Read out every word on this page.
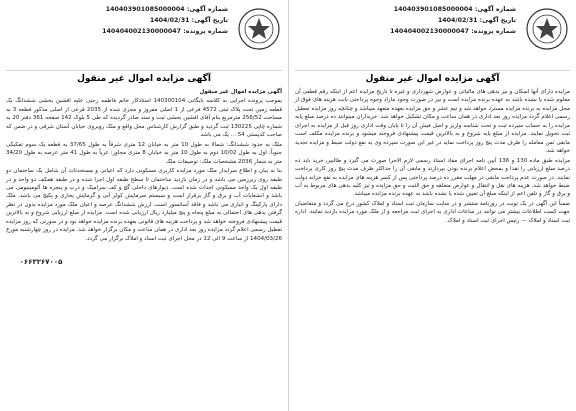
شماره آگهی: 140403901085000004
تاریخ آگهی: 1404/02/31
شماره پرونده: 140404002130000047
آگهی مزایده اموال غیر منقول

آگهی مزایده اموال غیر منقول

بموجب پرونده اجرایی به کلاسه بایگانی 140300104 استادکار خانم فاطمه رجبی علیه افشین بخشی ششدانگ یک قطعه زمین تحت پلاک ثبتی 4572 فرعی از 1 اصلی مفروز و مجزی شده از 2035 فرعی از اصلی مذکور قطعه 3 به مساحت 256/52 مترمربع بنام آقای افشین بخشی ثبت و سند صادر گردیده که طی 5 بلوک 142 صفحه 361 دفتر 20 به شماره چاپی 130225 ثبت گردید و طبق گزارش کارشناس محل واقع و ملک روبروی خیابان آستان شرقی و در ضمن که صاحب کدپستی 54 ... یک می باشد

ملک به حدود ششدانگ: شمالا به طول 10 متر به خیابان 12 متری شرقاً به طول 37/65 به قطعه یک سوم تفکیکی جنوباً: اول به طول 10/02 دوم به طول 10 متر به خیابان 8 متری مجاور: غرباً به طول 41 متر عرصه به طول 34/20 متر به شمار 2036 مشخصات ملک: توصیفات ملک

بنا به بیان و اطلاع سرایدار ملک مورد مزایده کاربری مسکونی دارد که اعیانی و مستحدثات آن شامل یک ساختمان دو طبقه روی زیرزمین می باشد و در زمان بازدید ساختمان تا سطح طبقه اول اجرا شده و در طبقه همکف دو واحد و در طبقه اول یک واحد مسکونی احداث شده است. دیوارهای داخلی گچ و کف سرامیک و درب و پنجره ها آلومینیومی می باشد و انشعابات آب و برق و گاز برقرار است و سیستم سرمایش کولر آبی و گرمایش بخاری و پکیج می باشد. ملک دارای پارکینگ و انباری می باشد و فاقد آسانسور است. ارزش ششدانگ عرصه و اعیان ملک مورد مزایده بدون در نظر گرفتن بدهی های احتمالی به مبلغ پنجاه و پنج میلیارد ریال ارزیابی شده است. مزایده از مبلغ ارزیابی شروع و به بالاترین قیمت پیشنهادی فروخته خواهد شد و پرداخت هزینه های قانونی بعهده برنده مزایده خواهد بود و در صورتی که روز مزایده تعطیل رسمی اعلام گردد مزایده روز بعد اداری در همان ساعت و مکان برگزار خواهد شد. مزایده در روز چهارشنبه مورخ 1404/03/26 از ساعت 9 الی 12 در محل اجرای ثبت اسناد و املاک برگزار می گردد.

۰۶۶۳۲۶۷۰۰۵
شماره آگهی: 140403901085000004
تاریخ آگهی: 1404/02/31
شماره پرونده: 140404002130000047
آگهی مزایده اموال غیر منقول

مزایده دارای آنها اسکان و نیز بدهی های مالیاتی و عوارض شهرداری و غیره تا تاریخ مزایده اعم از اینکه رقم قطعی آن معلوم شده یا نشده باشد به عهده برنده مزایده است و نیز در صورت وجود مازاد وجوه پرداختی بابت هزینه های فوق از محل مزایده به برنده مزایده مسترد خواهد شد و نیم عشر و حق مزایده بعهده متعهد میباشد و چنانچه روز مزایده تعطیل رسمی اعلام گردد مزایده روز بعد اداری در همان ساعت و مکان تشکیل خواهد شد. خریداران میتوانند ده درصد مبلغ پایه مزایده را به حساب سپرده ثبت و تحت شناسه واریز و اصل فیش آن را تا پایان وقت اداری روز قبل از مزایده به اجرای ثبت تحویل نمایند. مزایده از مبلغ پایه شروع و به بالاترین قیمت پیشنهادی فروخته میشود و برنده مزایده مکلف است مابقی ثمن معامله را ظرف مدت پنج روز پرداخت نماید در غیر این صورت سپرده وی به نفع دولت ضبط و مزایده تجدید خواهد شد.

مزایده طبق ماده 130 و 136 آیین نامه اجرای مفاد اسناد رسمی لازم الاجرا صورت می گیرد و طالبین خرید باید ده درصد مبلغ ارزیابی را نقدا و بمحض اعلام برنده بودن بپردازند و مابقی آن را حداکثر ظرف مدت پنج روز کاری پرداخت نمایند. در صورت عدم پرداخت مابقی در مهلت مقرر ده درصد پرداختی پس از کسر هزینه های مزایده به نفع خزانه دولت ضبط خواهد شد. هزینه های نقل و انتقال و عوارض متعلقه و حق الثبت و حق مزایده و نیز کلیه بدهی های مربوط به آب و برق و گاز و تلفن اعم از اینکه مبلغ آن تعیین شده یا نشده باشد به عهده برنده مزایده میباشد.

ضمناً این آگهی در یک نوبت در روزنامه منتشر و در سایت سازمان ثبت اسناد و املاک کشور درج می گردد و متقاضیان جهت کسب اطلاعات بیشتر می توانند در ساعات اداری به اجرای ثبت مراجعه و از ملک مورد مزایده بازدید نمایند. اداره ثبت اسناد و املاک — رئیس اجرای ثبت اسناد و املاک.
